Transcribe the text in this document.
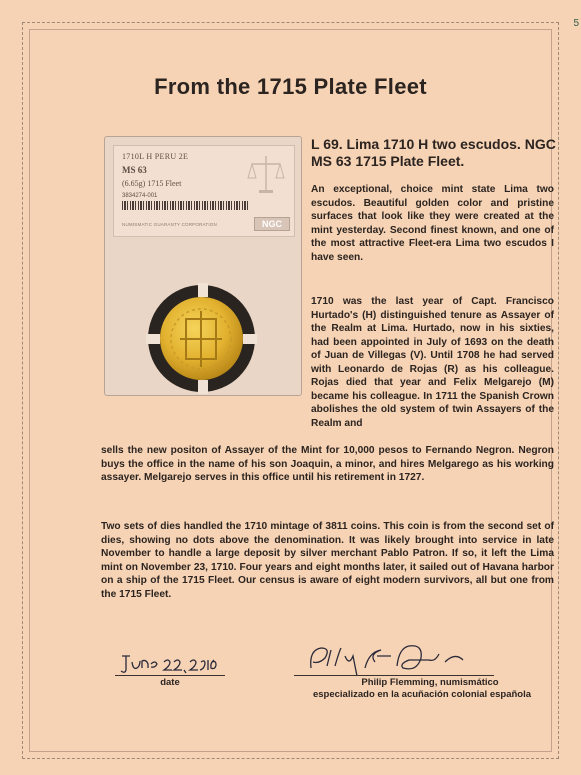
5
From the 1715 Plate Fleet
1710L H PERU 2E
MS 63
(6.65g) 1715 Fleet
3834274-001
NUMISMATIC GUARANTY CORPORATION	NGC
L 69. Lima 1710 H two escudos. NGC MS 63 1715 Plate Fleet.
An exceptional, choice mint state Lima two escudos. Beautiful golden color and pristine surfaces that look like they were created at the mint yesterday. Second finest known, and one of the most attractive Fleet-era Lima two escudos I have seen.
1710 was the last year of Capt. Francisco Hurtado's (H) distinguished tenure as Assayer of the Realm at Lima. Hurtado, now in his sixties, had been appointed in July of 1693 on the death of Juan de Villegas (V). Until 1708 he had served with Leonardo de Rojas (R) as his colleague. Rojas died that year and Felix Melgarejo (M) became his colleague. In 1711 the Spanish Crown abolishes the old system of twin Assayers of the Realm and
sells the new positon of Assayer of the Mint for 10,000 pesos to Fernando Negron. Negron buys the office in the name of his son Joaquin, a minor, and hires Melgarego as his working assayer. Melgarejo serves in this office until his retirement in 1727.
Two sets of dies handled the 1710 mintage of 3811 coins. This coin is from the second set of dies, showing no dots above the denomination. It was likely brought into service in late November to handle a large deposit by silver merchant Pablo Patron. If so, it left the Lima mint on November 23, 1710. Four years and eight months later, it sailed out of Havana harbor on a ship of the 1715 Fleet. Our census is aware of eight modern survivors, all but one from the 1715 Fleet.
date	Philip Flemming, numismático
especializado en la acuñación colonial española
